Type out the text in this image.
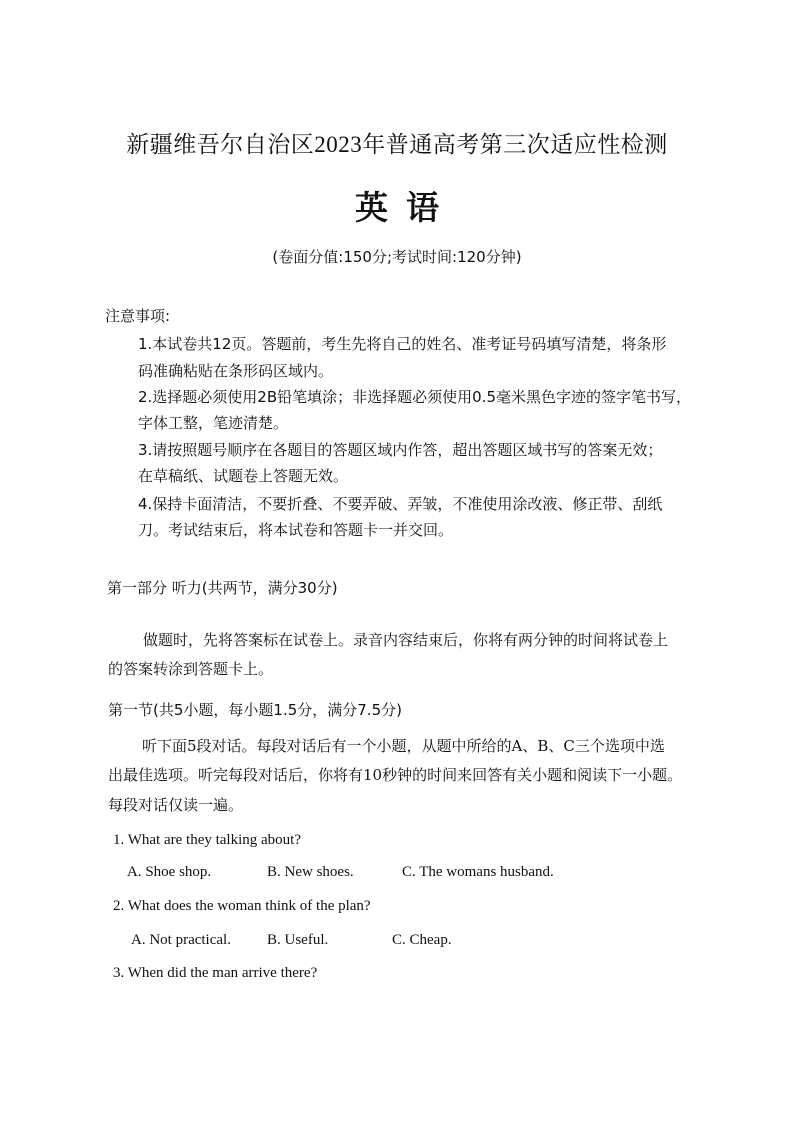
新疆维吾尔自治区2023年普通高考第三次适应性检测
英语
(卷面分值:150分;考试时间:120分钟)
注意事项:
1.本试卷共12页。答题前，考生先将自己的姓名、准考证号码填写清楚，将条形
码准确粘贴在条形码区域内。
2.选择题必须使用2B铅笔填涂；非选择题必须使用0.5毫米黑色字迹的签字笔书写，
字体工整，笔迹清楚。
3.请按照题号顺序在各题目的答题区域内作答，超出答题区域书写的答案无效；
在草稿纸、试题卷上答题无效。
4.保持卡面清洁，不要折叠、不要弄破、弄皱，不准使用涂改液、修正带、刮纸
刀。考试结束后，将本试卷和答题卡一并交回。
第一部分 听力(共两节，满分30分)
做题时，先将答案标在试卷上。录音内容结束后，你将有两分钟的时间将试卷上
的答案转涂到答题卡上。
第一节(共5小题，每小题1.5分，满分7.5分)
听下面5段对话。每段对话后有一个小题，从题中所给的A、B、C三个选项中选
出最佳选项。听完每段对话后，你将有10秒钟的时间来回答有关小题和阅读下一小题。
每段对话仅读一遍。
1. What are they talking about?
A. Shoe shop.	B. New shoes.	C. The womans husband.
2. What does the woman think of the plan?
A. Not practical. B. Useful.	C. Cheap.
3. When did the man arrive there?
